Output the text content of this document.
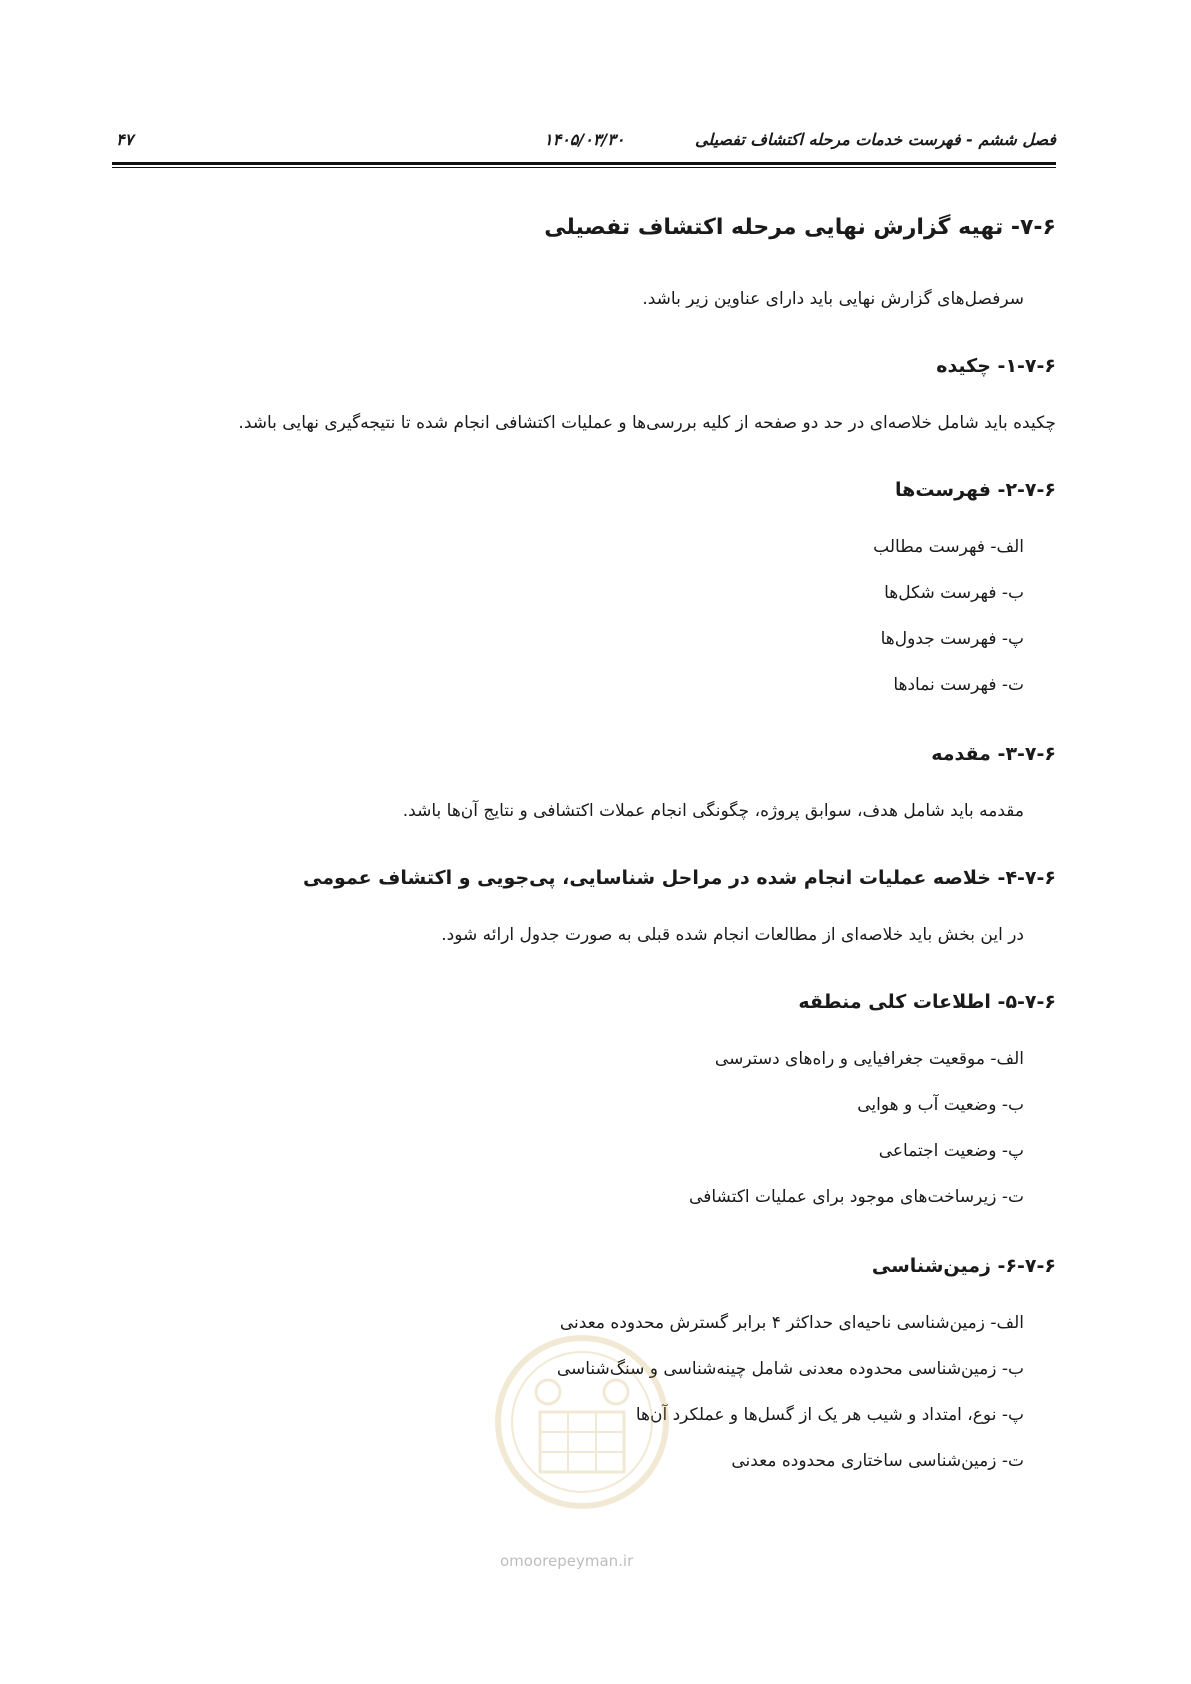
فصل ششم - فهرست خدمات مرحله اکتشاف تفصیلی
۱۴۰۵/۰۳/۳۰
۴۷
۷-۶- تهیه گزارش نهایی مرحله اکتشاف تفصیلی

سرفصل‌های گزارش نهایی باید دارای عناوین زیر باشد.

۱-۷-۶- چکیده

چکیده باید شامل خلاصه‌ای در حد دو صفحه از کلیه بررسی‌ها و عملیات اکتشافی انجام شده تا نتیجه‌گیری نهایی باشد.

۲-۷-۶- فهرست‌ها
الف- فهرست مطالب
ب- فهرست شکل‌ها
پ- فهرست جدول‌ها
ت- فهرست نمادها
۳-۷-۶- مقدمه

مقدمه باید شامل هدف، سوابق پروژه، چگونگی انجام عملات اکتشافی و نتایج آن‌ها باشد.

۴-۷-۶- خلاصه عملیات انجام شده در مراحل شناسایی، پی‌جویی و اکتشاف عمومی

در این بخش باید خلاصه‌ای از مطالعات انجام شده قبلی به صورت جدول ارائه شود.

۵-۷-۶- اطلاعات کلی منطقه
الف- موقعیت جغرافیایی و راه‌های دسترسی
ب- وضعیت آب و هوایی
پ- وضعیت اجتماعی
ت- زیرساخت‌های موجود برای عملیات اکتشافی
۶-۷-۶- زمین‌شناسی
الف- زمین‌شناسی ناحیه‌ای حداکثر ۴ برابر گسترش محدوده معدنی
ب- زمین‌شناسی محدوده معدنی شامل چینه‌شناسی و سنگ‌شناسی
پ- نوع، امتداد و شیب هر یک از گسل‌ها و عملکرد آن‌ها
ت- زمین‌شناسی ساختاری محدوده معدنی
omoorepeyman.ir
